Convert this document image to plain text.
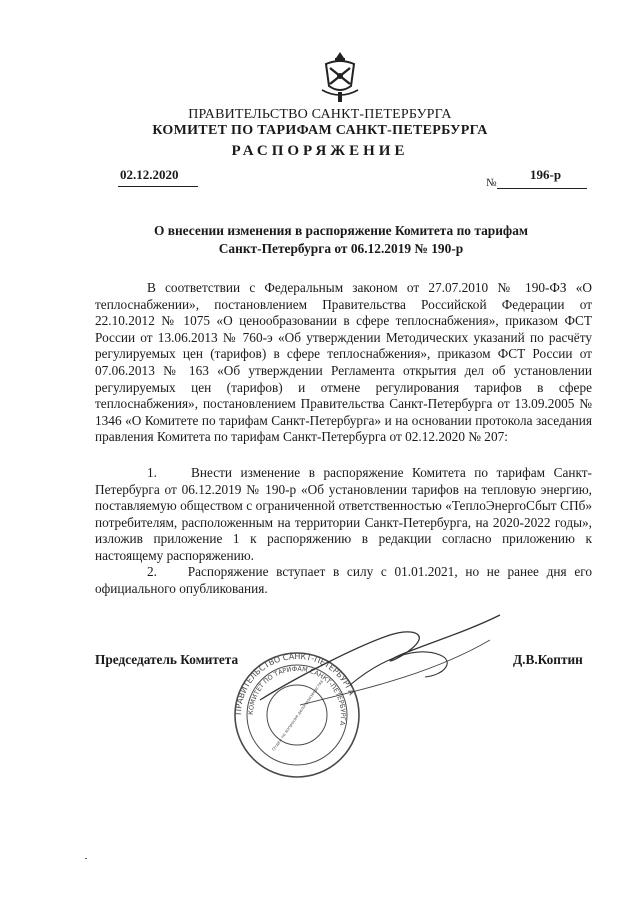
ПРАВИТЕЛЬСТВО САНКТ-ПЕТЕРБУРГА
КОМИТЕТ ПО ТАРИФАМ САНКТ-ПЕТЕРБУРГА
РАСПОРЯЖЕНИЕ
02.12.2020
№
196-р
О внесении изменения в распоряжение Комитета по тарифам
Санкт-Петербурга от 06.12.2019 № 190-р
В соответствии с Федеральным законом от 27.07.2010 № 190-ФЗ «О теплоснабжении», постановлением Правительства Российской Федерации от 22.10.2012 № 1075 «О ценообразовании в сфере теплоснабжения», приказом ФСТ России от 13.06.2013 № 760-э «Об утверждении Методических указаний по расчёту регулируемых цен (тарифов) в сфере теплоснабжения», приказом ФСТ России от 07.06.2013 № 163 «Об утверждении Регламента открытия дел об установлении регулируемых цен (тарифов) и отмене регулирования тарифов в сфере теплоснабжения», постановлением Правительства Санкт-Петербурга от 13.09.2005 № 1346 «О Комитете по тарифам Санкт-Петербурга» и на основании протокола заседания правления Комитета по тарифам Санкт-Петербурга от 02.12.2020 № 207:
1.    Внести изменение в распоряжение Комитета по тарифам Санкт-Петербурга от 06.12.2019 № 190-р «Об установлении тарифов на тепловую энергию, поставляемую обществом с ограниченной ответственностью «ТеплоЭнергоСбыт СПб» потребителям, расположенным на территории Санкт-Петербурга, на 2020-2022 годы», изложив приложение 1 к распоряжению в редакции согласно приложению к настоящему распоряжению.
2.    Распоряжение вступает в силу с 01.01.2021, но не ранее дня его официального опубликования.
ПРАВИТЕЛЬСТВО САНКТ-ПЕТЕРБУРГА
КОМИТЕТ ПО ТАРИФАМ САНКТ-ПЕТЕРБУРГА
Отдел по вопросам делопроизводства
Председатель Комитета	Д.В.Коптин
